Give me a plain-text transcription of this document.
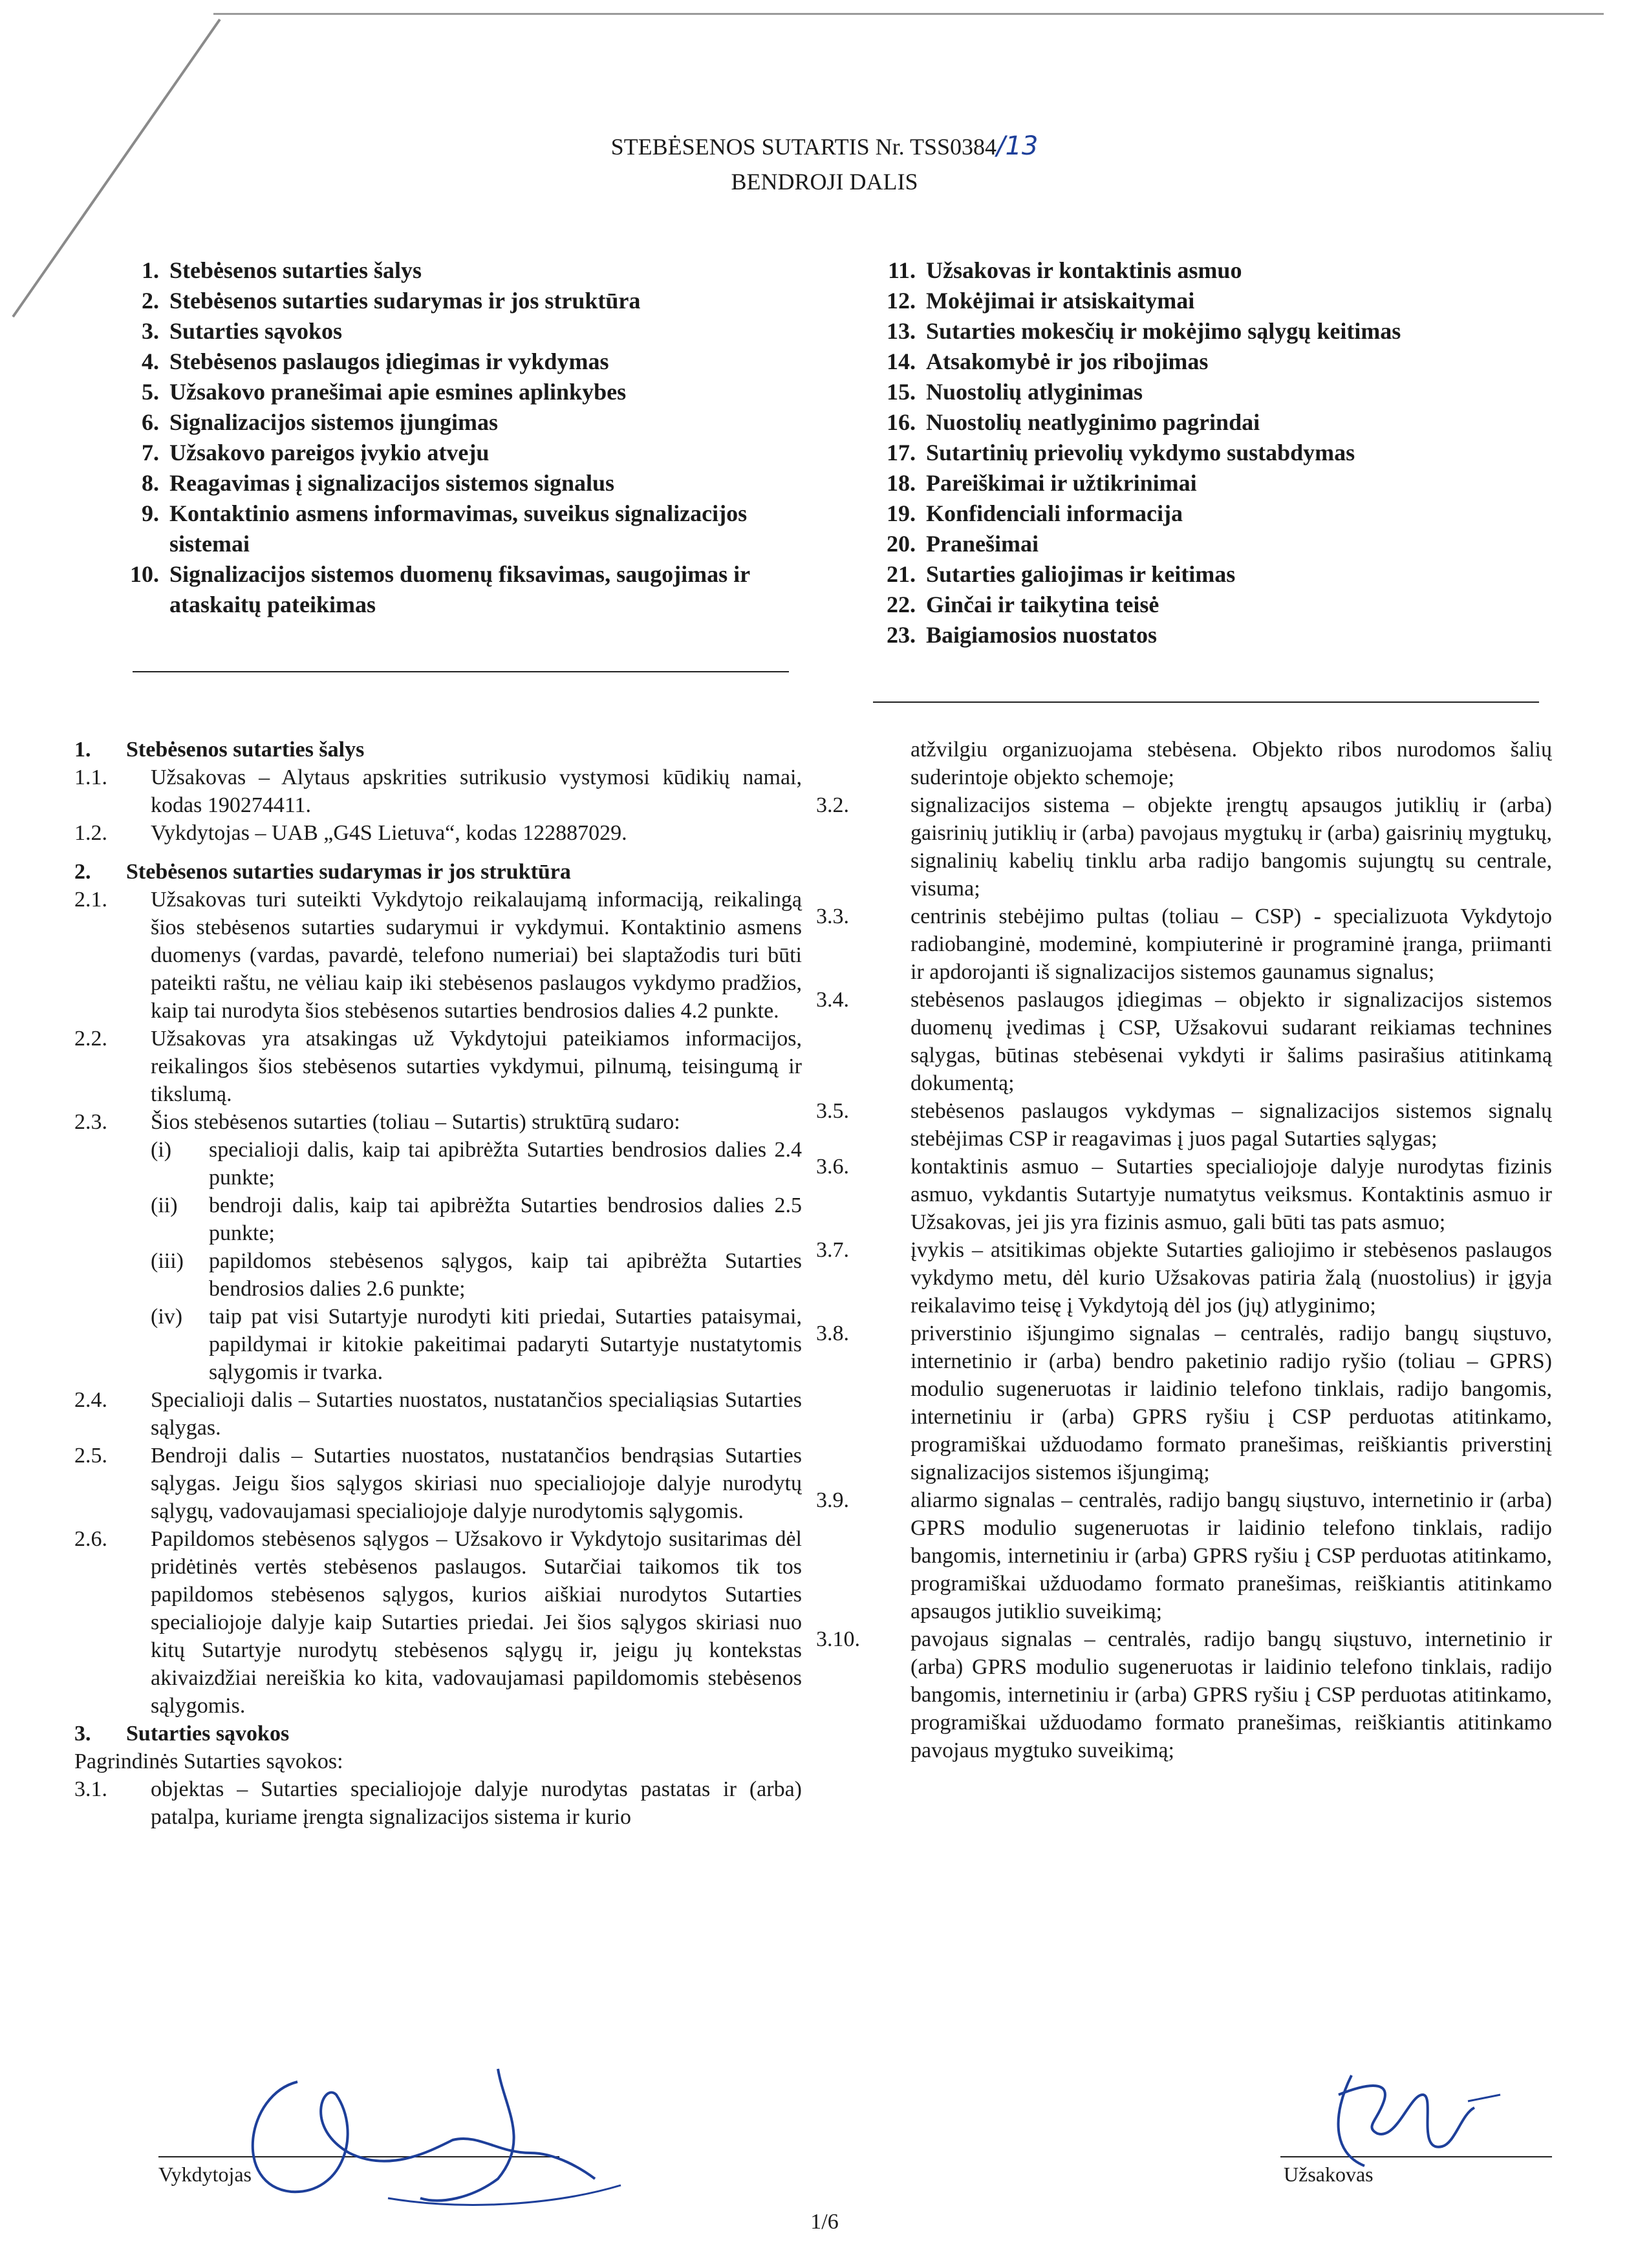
STEBĖSENOS SUTARTIS Nr. TSS0384/13
BENDROJI DALIS
1. Stebėsenos sutarties šalys
2. Stebėsenos sutarties sudarymas ir jos struktūra
3. Sutarties sąvokos
4. Stebėsenos paslaugos įdiegimas ir vykdymas
5. Užsakovo pranešimai apie esmines aplinkybes
6. Signalizacijos sistemos įjungimas
7. Užsakovo pareigos įvykio atveju
8. Reagavimas į signalizacijos sistemos signalus
9. Kontaktinio asmens informavimas, suveikus signalizacijos sistemai
10. Signalizacijos sistemos duomenų fiksavimas, saugojimas ir ataskaitų pateikimas
11. Užsakovas ir kontaktinis asmuo
12. Mokėjimai ir atsiskaitymai
13. Sutarties mokesčių ir mokėjimo sąlygų keitimas
14. Atsakomybė ir jos ribojimas
15. Nuostolių atlyginimas
16. Nuostolių neatlyginimo pagrindai
17. Sutartinių prievolių vykdymo sustabdymas
18. Pareiškimai ir užtikrinimai
19. Konfidenciali informacija
20. Pranešimai
21. Sutarties galiojimas ir keitimas
22. Ginčai ir taikytina teisė
23. Baigiamosios nuostatos
1. Stebėsenos sutarties šalys
1.1.	Užsakovas – Alytaus apskrities sutrikusio vystymosi kūdikių namai, kodas 190274411.
1.2.	Vykdytojas – UAB „G4S Lietuva“, kodas 122887029.
2. Stebėsenos sutarties sudarymas ir jos struktūra
2.1.	Užsakovas turi suteikti Vykdytojo reikalaujamą informaciją, reikalingą šios stebėsenos sutarties sudarymui ir vykdymui. Kontaktinio asmens duomenys (vardas, pavardė, telefono numeriai) bei slaptažodis turi būti pateikti raštu, ne vėliau kaip iki stebėsenos paslaugos vykdymo pradžios, kaip tai nurodyta šios stebėsenos sutarties bendrosios dalies 4.2 punkte.
2.2.	Užsakovas yra atsakingas už Vykdytojui pateikiamos informacijos, reikalingos šios stebėsenos sutarties vykdymui, pilnumą, teisingumą ir tikslumą.
2.3.	Šios stebėsenos sutarties (toliau – Sutartis) struktūrą sudaro:
(i) specialioji dalis, kaip tai apibrėžta Sutarties bendrosios dalies 2.4 punkte;
(ii) bendroji dalis, kaip tai apibrėžta Sutarties bendrosios dalies 2.5 punkte;
(iii) papildomos stebėsenos sąlygos, kaip tai apibrėžta Sutarties bendrosios dalies 2.6 punkte;
(iv) taip pat visi Sutartyje nurodyti kiti priedai, Sutarties pataisymai, papildymai ir kitokie pakeitimai padaryti Sutartyje nustatytomis sąlygomis ir tvarka.
2.4.	Specialioji dalis – Sutarties nuostatos, nustatančios specialiąsias Sutarties sąlygas.
2.5.	Bendroji dalis – Sutarties nuostatos, nustatančios bendrąsias Sutarties sąlygas. Jeigu šios sąlygos skiriasi nuo specialiojoje dalyje nurodytų sąlygų, vadovaujamasi specialiojoje dalyje nurodytomis sąlygomis.
2.6.	Papildomos stebėsenos sąlygos – Užsakovo ir Vykdytojo susitarimas dėl pridėtinės vertės stebėsenos paslaugos. Sutarčiai taikomos tik tos papildomos stebėsenos sąlygos, kurios aiškiai nurodytos Sutarties specialiojoje dalyje kaip Sutarties priedai. Jei šios sąlygos skiriasi nuo kitų Sutartyje nurodytų stebėsenos sąlygų ir, jeigu jų kontekstas akivaizdžiai nereiškia ko kita, vadovaujamasi papildomomis stebėsenos sąlygomis.
3. Sutarties sąvokos
Pagrindinės Sutarties sąvokos:
3.1.	objektas – Sutarties specialiojoje dalyje nurodytas pastatas ir (arba) patalpa, kuriame įrengta signalizacijos sistema ir kurio
atžvilgiu organizuojama stebėsena. Objekto ribos nurodomos šalių suderintoje objekto schemoje;
3.2.	signalizacijos sistema – objekte įrengtų apsaugos jutiklių ir (arba) gaisrinių jutiklių ir (arba) pavojaus mygtukų ir (arba) gaisrinių mygtukų, signalinių kabelių tinklu arba radijo bangomis sujungtų su centrale, visuma;
3.3.	centrinis stebėjimo pultas (toliau – CSP) - specializuota Vykdytojo radiobanginė, modeminė, kompiuterinė ir programinė įranga, priimanti ir apdorojanti iš signalizacijos sistemos gaunamus signalus;
3.4.	stebėsenos paslaugos įdiegimas – objekto ir signalizacijos sistemos duomenų įvedimas į CSP, Užsakovui sudarant reikiamas technines sąlygas, būtinas stebėsenai vykdyti ir šalims pasirašius atitinkamą dokumentą;
3.5.	stebėsenos paslaugos vykdymas – signalizacijos sistemos signalų stebėjimas CSP ir reagavimas į juos pagal Sutarties sąlygas;
3.6.	kontaktinis asmuo – Sutarties specialiojoje dalyje nurodytas fizinis asmuo, vykdantis Sutartyje numatytus veiksmus. Kontaktinis asmuo ir Užsakovas, jei jis yra fizinis asmuo, gali būti tas pats asmuo;
3.7.	įvykis – atsitikimas objekte Sutarties galiojimo ir stebėsenos paslaugos vykdymo metu, dėl kurio Užsakovas patiria žalą (nuostolius) ir įgyja reikalavimo teisę į Vykdytoją dėl jos (jų) atlyginimo;
3.8.	priverstinio išjungimo signalas – centralės, radijo bangų siųstuvo, internetinio ir (arba) bendro paketinio radijo ryšio (toliau – GPRS) modulio sugeneruotas ir laidinio telefono tinklais, radijo bangomis, internetiniu ir (arba) GPRS ryšiu į CSP perduotas atitinkamo, programiškai užduodamo formato pranešimas, reiškiantis priverstinį signalizacijos sistemos išjungimą;
3.9.	aliarmo signalas – centralės, radijo bangų siųstuvo, internetinio ir (arba) GPRS modulio sugeneruotas ir laidinio telefono tinklais, radijo bangomis, internetiniu ir (arba) GPRS ryšiu į CSP perduotas atitinkamo, programiškai užduodamo formato pranešimas, reiškiantis atitinkamo apsaugos jutiklio suveikimą;
3.10.	pavojaus signalas – centralės, radijo bangų siųstuvo, internetinio ir (arba) GPRS modulio sugeneruotas ir laidinio telefono tinklais, radijo bangomis, internetiniu ir (arba) GPRS ryšiu į CSP perduotas atitinkamo, programiškai užduodamo formato pranešimas, reiškiantis atitinkamo pavojaus mygtuko suveikimą;
Vykdytojas	Užsakovas
1/6
